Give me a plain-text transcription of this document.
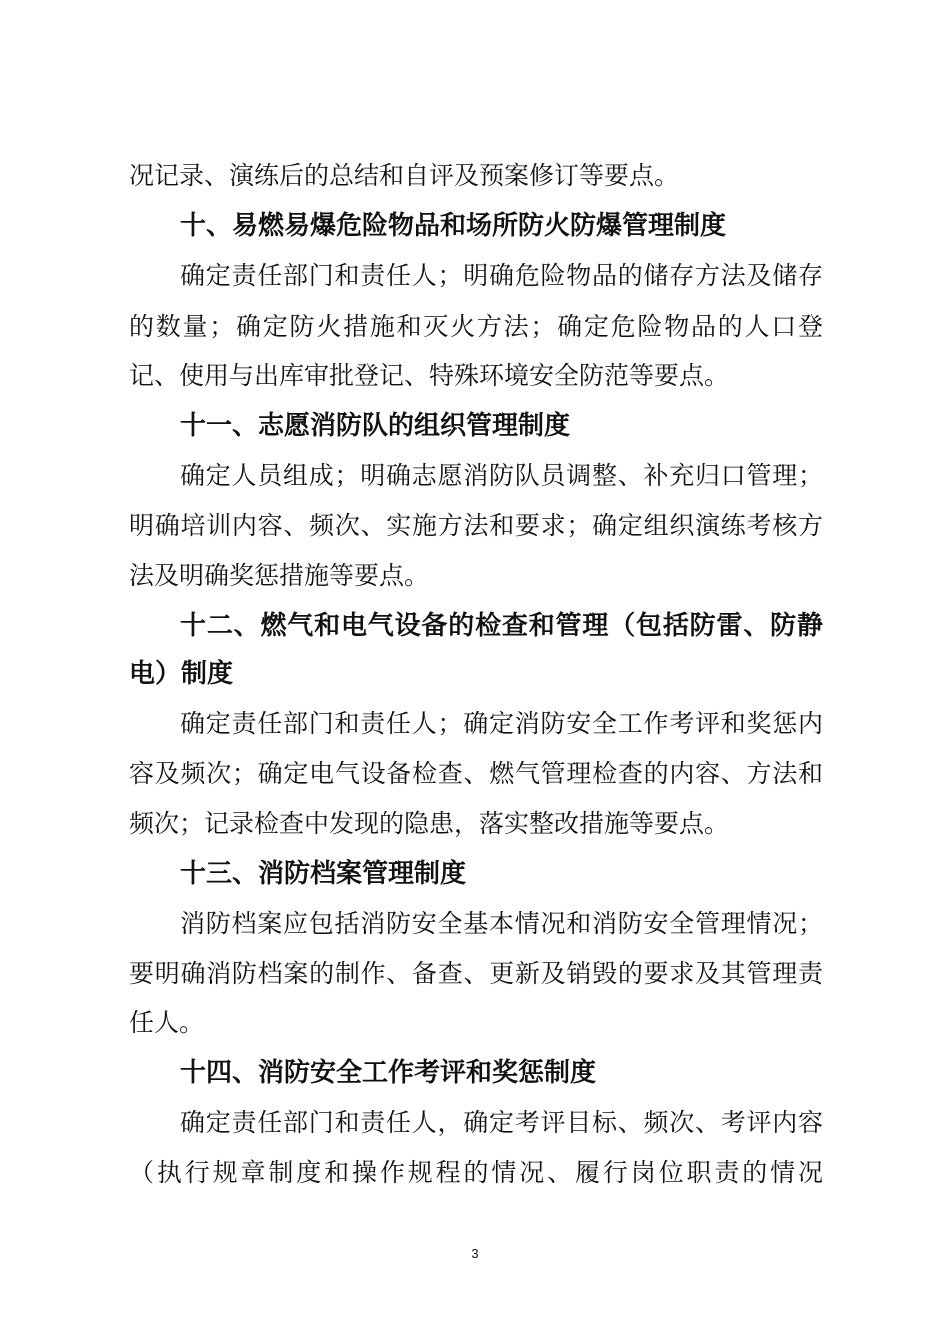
况记录、演练后的总结和自评及预案修订等要点。
十、易燃易爆危险物品和场所防火防爆管理制度
确定责任部门和责任人；明确危险物品的储存方法及储存
的数量；确定防火措施和灭火方法；确定危险物品的人口登
记、使用与出库审批登记、特殊环境安全防范等要点。
十一、志愿消防队的组织管理制度
确定人员组成；明确志愿消防队员调整、补充归口管理；
明确培训内容、频次、实施方法和要求；确定组织演练考核方
法及明确奖惩措施等要点。
十二、燃气和电气设备的检查和管理（包括防雷、防静
电）制度
确定责任部门和责任人；确定消防安全工作考评和奖惩内
容及频次；确定电气设备检查、燃气管理检查的内容、方法和
频次；记录检查中发现的隐患，落实整改措施等要点。
十三、消防档案管理制度
消防档案应包括消防安全基本情况和消防安全管理情况；
要明确消防档案的制作、备查、更新及销毁的要求及其管理责
任人。
十四、消防安全工作考评和奖惩制度
确定责任部门和责任人，确定考评目标、频次、考评内容
（执行规章制度和操作规程的情况、履行岗位职责的情况
3
